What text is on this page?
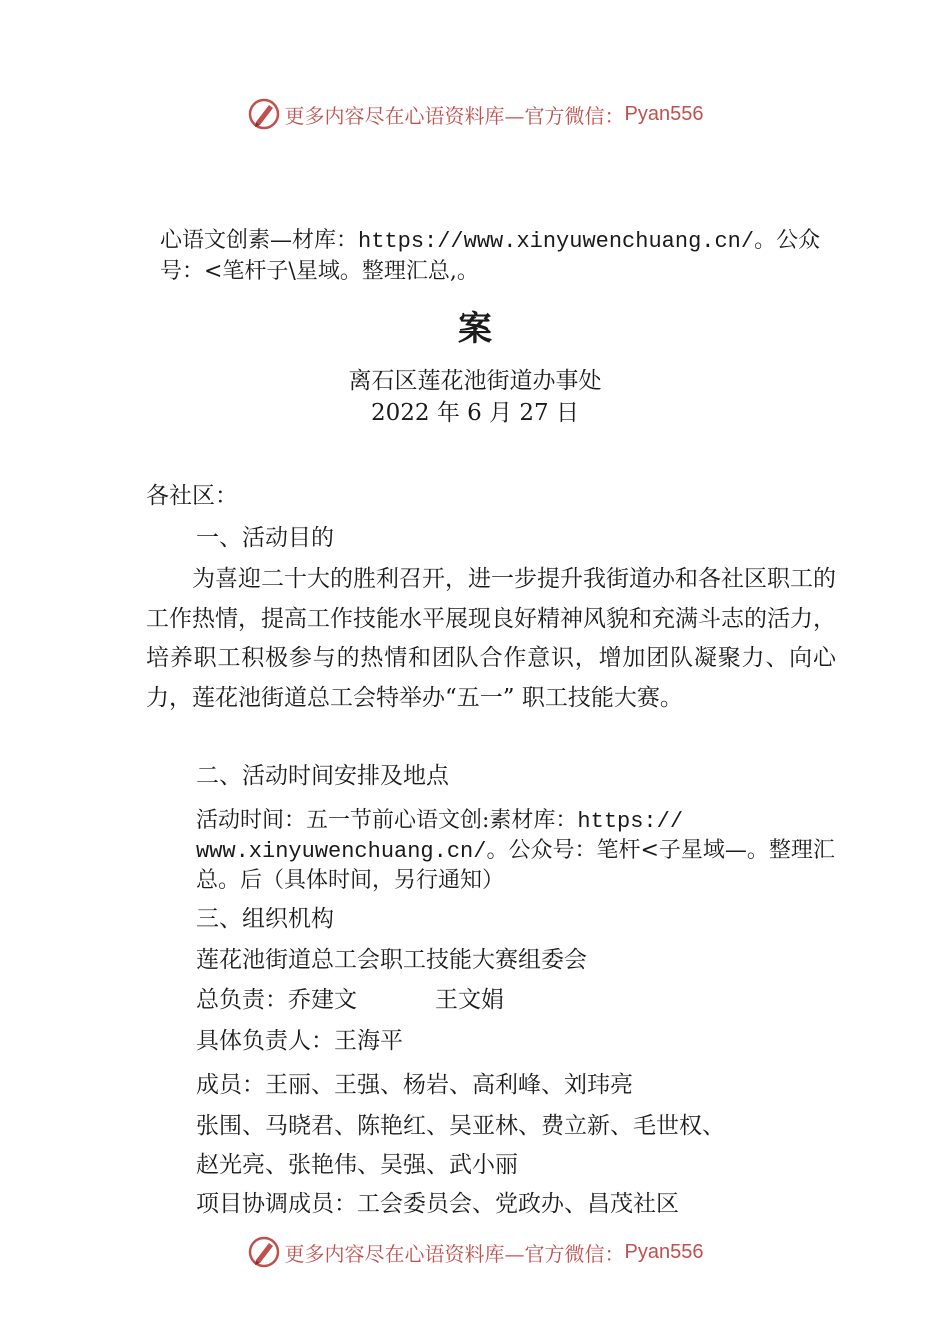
更多内容尽在心语资料库—官方微信： Pyan556
心语文创素—材库：https://www.xinyuwenchuang.cn/。公众号：<笔杆子\星域。整理汇总,。
案
离石区莲花池街道办事处
2022 年 6 月 27 日
各社区：
一、活动目的
为喜迎二十大的胜利召开，进一步提升我街道办和各社区职工的工作热情，提高工作技能水平展现良好精神风貌和充满斗志的活力，培养职工积极参与的热情和团队合作意识，增加团队凝聚力、向心力，莲花池街道总工会特举办“五一” 职工技能大赛。
二、活动时间安排及地点
活动时间：五一节前心语文创:素材库：https://
www.xinyuwenchuang.cn/。公众号：笔杆<子星域—。整理汇总。后（具体时间，另行通知）
三、组织机构
莲花池街道总工会职工技能大赛组委会
总负责：乔建文	王文娟
具体负责人：王海平
成员：王丽、王强、杨岩、高利峰、刘玮亮
张围、马晓君、陈艳红、吴亚林、费立新、毛世权、
赵光亮、张艳伟、吴强、武小丽
项目协调成员：工会委员会、党政办、昌茂社区
更多内容尽在心语资料库—官方微信： Pyan556
